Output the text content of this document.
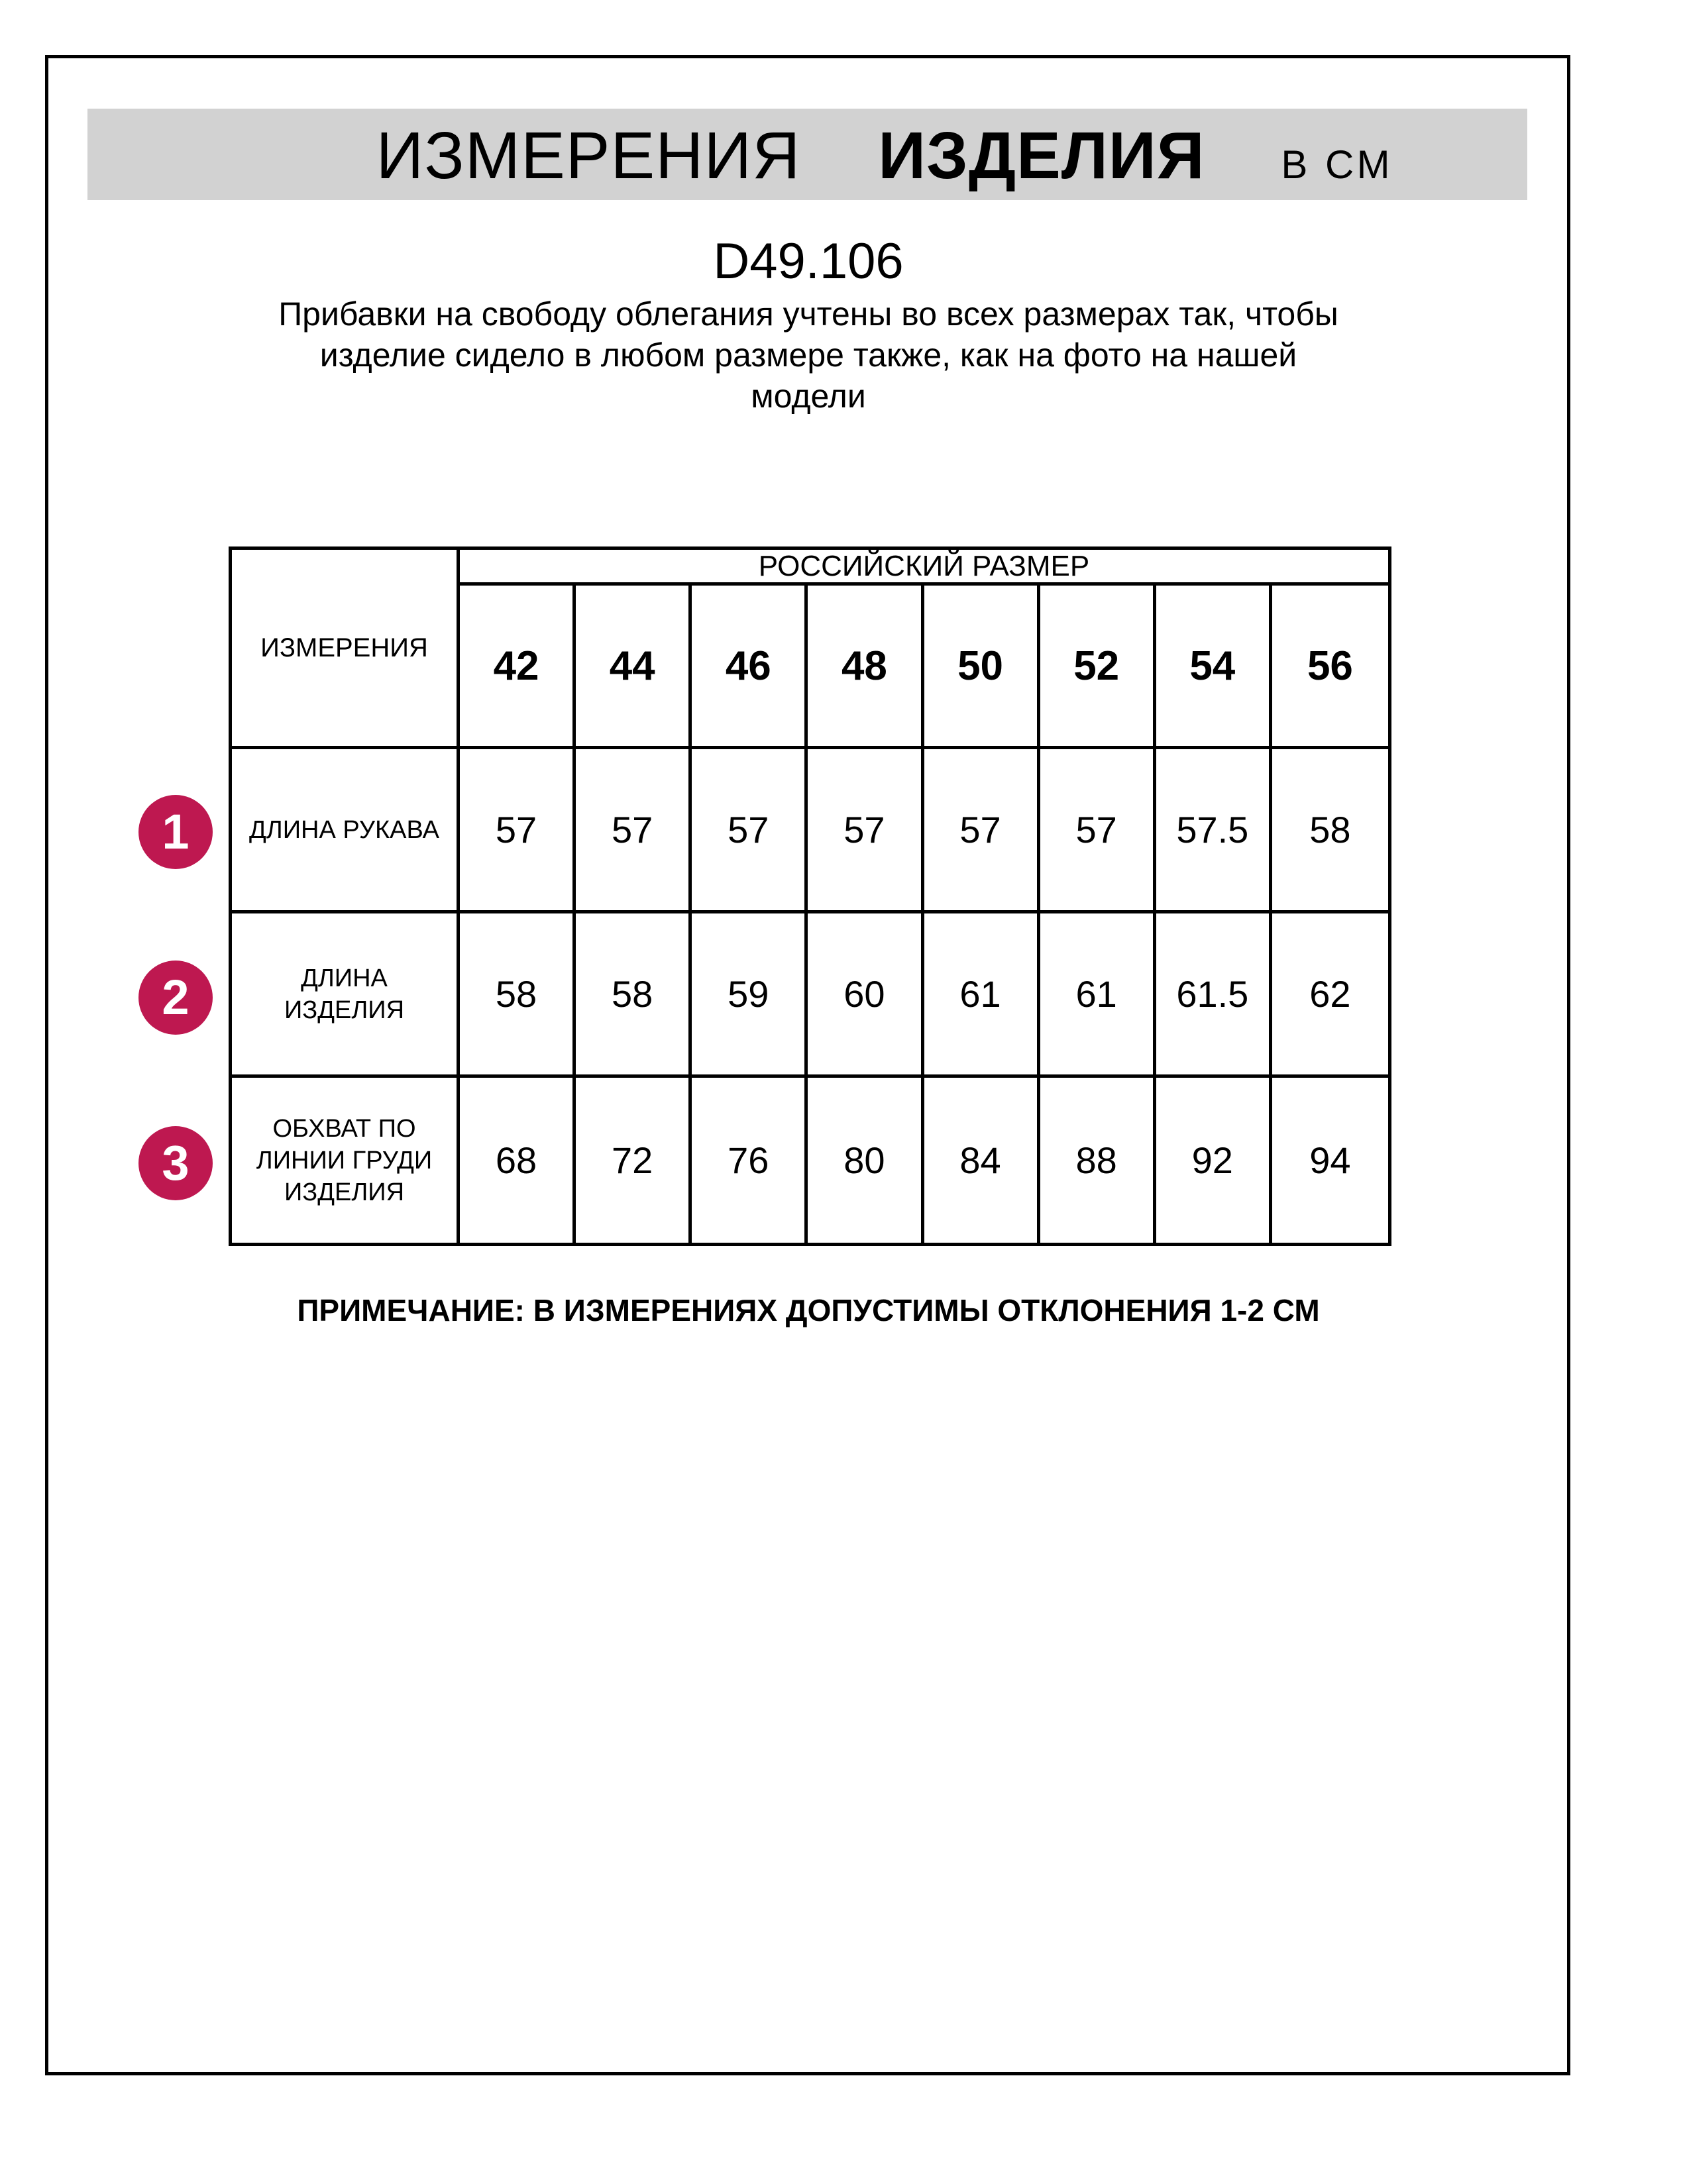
ИЗМЕРЕНИЯ ИЗДЕЛИЯ В СМ
D49.106
Прибавки на свободу облегания учтены во всех размерах так, чтобы
изделие сидело в любом размере также, как на фото на нашей
модели
ИЗМЕРЕНИЯ
РОССИЙСКИЙ РАЗМЕР
42	44	46	48	50	52	54	56
ДЛИНА РУКАВА	57	57	57	57	57	57	57.5	58
ДЛИНА
ИЗДЕЛИЯ	58	58	59	60	61	61	61.5	62
ОБХВАТ ПО
ЛИНИИ ГРУДИ
ИЗДЕЛИЯ
68	72	76	80	84	88	92	94
1
2
3
ПРИМЕЧАНИЕ: В ИЗМЕРЕНИЯХ ДОПУСТИМЫ ОТКЛОНЕНИЯ 1-2 СМ
